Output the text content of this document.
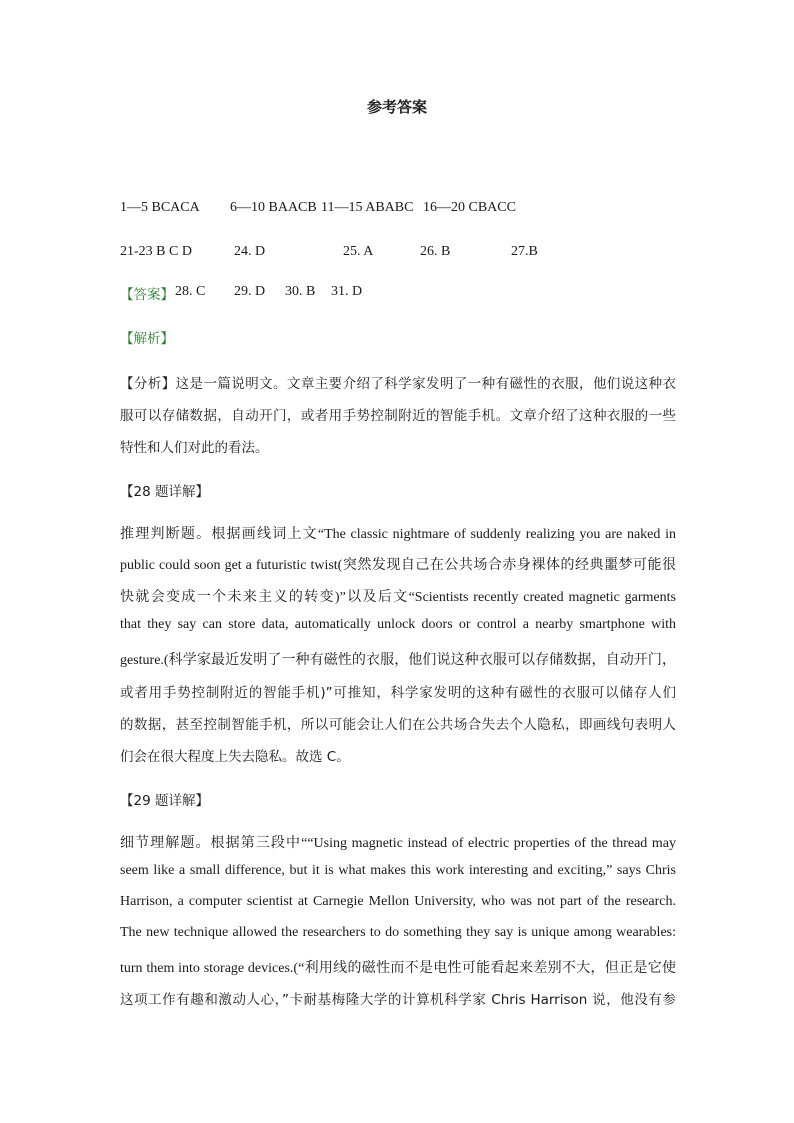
参考答案
1—5 BCACA 6—10 BAACB 11—15 ABABC 16—20 CBACC
21-23 B C D	24. D	25. A	26. B	27.B
【答案】 28. C 29. D 30. B 31. D
【解析】
【分析】这是一篇说明文。文章主要介绍了科学家发明了一种有磁性的衣服，他们说这种衣
服可以存储数据，自动开门，或者用手势控制附近的智能手机。文章介绍了这种衣服的一些
特性和人们对此的看法。
【28 题详解】
推理判断题。根据画线词上文“The classic nightmare of suddenly realizing you are naked in
public could soon get a futuristic twist(突然发现自己在公共场合赤身裸体的经典噩梦可能很
快就会变成一个未来主义的转变)”以及后文“Scientists recently created magnetic garments
that they say can store data, automatically unlock doors or control a nearby smartphone with
gesture.(科学家最近发明了一种有磁性的衣服，他们说这种衣服可以存储数据，自动开门，
或者用手势控制附近的智能手机)”可推知，科学家发明的这种有磁性的衣服可以储存人们
的数据，甚至控制智能手机，所以可能会让人们在公共场合失去个人隐私，即画线句表明人
们会在很大程度上失去隐私。故选 C。
【29 题详解】
细节理解题。根据第三段中““Using magnetic instead of electric properties of the thread may
seem like a small difference, but it is what makes this work interesting and exciting,” says Chris
Harrison, a computer scientist at Carnegie Mellon University, who was not part of the research.
The new technique allowed the researchers to do something they say is unique among wearables:
turn them into storage devices.(“利用线的磁性而不是电性可能看起来差别不大，但正是它使
这项工作有趣和激动人心，”卡耐基梅隆大学的计算机科学家 Chris Harrison 说，他没有参
